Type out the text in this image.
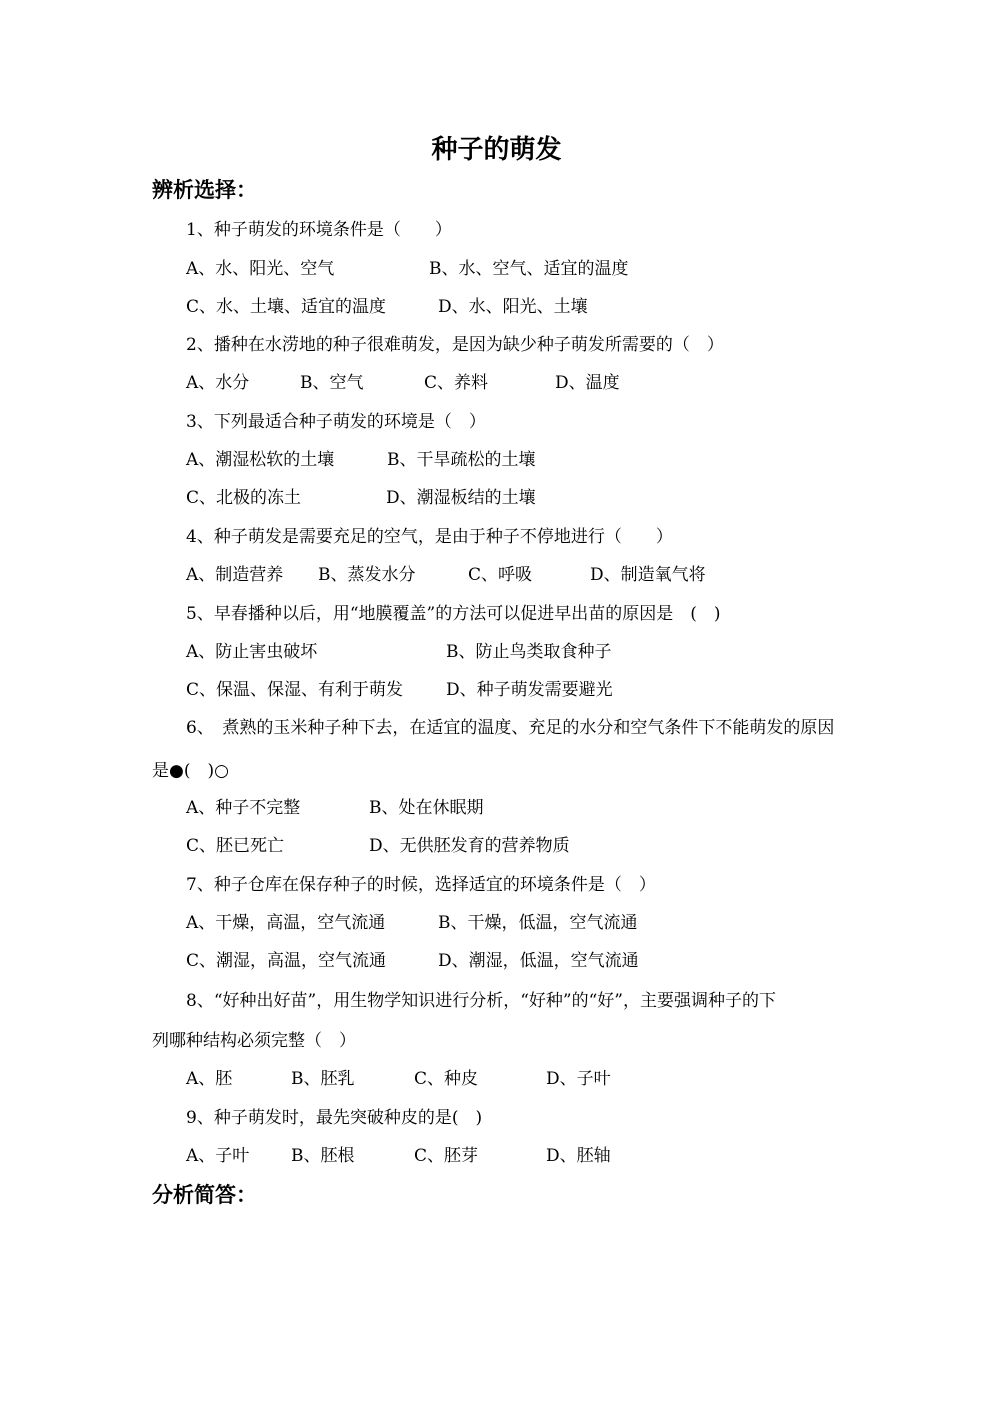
种子的萌发
辨析选择：
1、种子萌发的环境条件是（　　）
A、水、阳光、空气	B、水、空气、适宜的温度
C、水、土壤、适宜的温度	D、水、阳光、土壤
2、播种在水涝地的种子很难萌发，是因为缺少种子萌发所需要的（　）
A、水分	B、空气	C、养料	D、温度
3、下列最适合种子萌发的环境是（　）
A、潮湿松软的土壤	B、干旱疏松的土壤
C、北极的冻土	D、潮湿板结的土壤
4、种子萌发是需要充足的空气，是由于种子不停地进行（　　）
A、制造营养 B、蒸发水分	C、呼吸	D、制造氧气将
5、早春播种以后，用“地膜覆盖”的方法可以促进早出苗的原因是　(　)
A、防止害虫破坏	B、防止鸟类取食种子
C、保温、保湿、有利于萌发	D、种子萌发需要避光
6、　煮熟的玉米种子种下去，在适宜的温度、充足的水分和空气条件下不能萌发的原因
是●(　)○
A、种子不完整	B、处在休眠期
C、胚已死亡	D、无供胚发育的营养物质
7、种子仓库在保存种子的时候，选择适宜的环境条件是（　）
A、干燥，高温，空气流通	B、干燥，低温，空气流通
C、潮湿，高温，空气流通	D、潮湿，低温，空气流通
8、“好种出好苗”，用生物学知识进行分析，“好种”的“好”，主要强调种子的下
列哪种结构必须完整（　）
A、胚	B、胚乳	C、种皮	D、子叶
9、种子萌发时，最先突破种皮的是(　)
A、子叶 B、胚根	C、胚芽	D、胚轴
分析简答：
